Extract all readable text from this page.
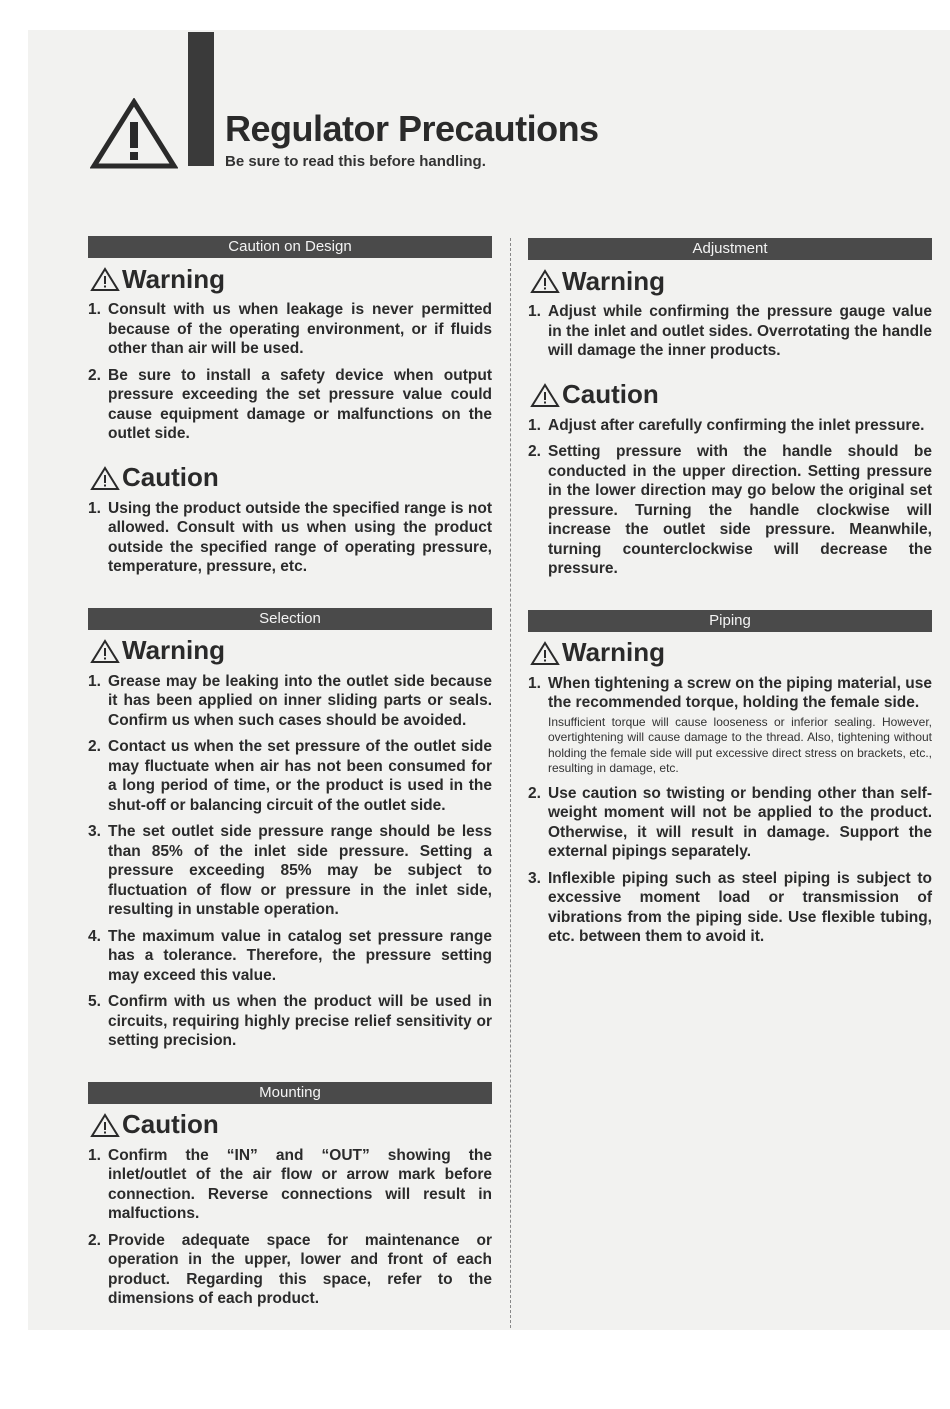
Regulator Precautions
Be sure to read this before handling.
Caution on Design
Warning
1. Consult with us when leakage is never permitted because of the operating environment, or if fluids other than air will be used.
2. Be sure to install a safety device when output pressure exceeding the set pressure value could cause equipment damage or malfunctions on the outlet side.
Caution
1. Using the product outside the specified range is not allowed. Consult with us when using the product outside the specified range of operating pressure, temperature, pressure, etc.
Selection
Warning
1. Grease may be leaking into the outlet side because it has been applied on inner sliding parts or seals. Confirm us when such cases should be avoided.
2. Contact us when the set pressure of the outlet side may fluctuate when air has not been consumed for a long period of time, or the product is used in the shut-off or balancing circuit of the outlet side.
3. The set outlet side pressure range should be less than 85% of the inlet side pressure. Setting a pressure exceeding 85% may be subject to fluctuation of flow or pressure in the inlet side, resulting in unstable operation.
4. The maximum value in catalog set pressure range has a tolerance. Therefore, the pressure setting may exceed this value.
5. Confirm with us when the product will be used in circuits, requiring highly precise relief sensitivity or setting precision.
Mounting
Caution
1. Confirm the “IN” and “OUT” showing the inlet/outlet of the air flow or arrow mark before connection. Reverse connections will result in malfuctions.
2. Provide adequate space for maintenance or operation in the upper, lower and front of each product. Regarding this space, refer to the dimensions of each product.
Adjustment
Warning
1. Adjust while confirming the pressure gauge value in the inlet and outlet sides. Overrotating the handle will damage the inner products.
Caution
1. Adjust after carefully confirming the inlet pressure.
2. Setting pressure with the handle should be conducted in the upper direction. Setting pressure in the lower direction may go below the original set pressure. Turning the handle clockwise will increase the outlet side pressure. Meanwhile, turning counterclockwise will decrease the pressure.
Piping
Warning
1. When tightening a screw on the piping material, use the recommended torque, holding the female side.
Insufficient torque will cause looseness or inferior sealing. However, overtightening will cause damage to the thread. Also, tightening without holding the female side will put excessive direct stress on brackets, etc., resulting in damage, etc.
2. Use caution so twisting or bending other than self-weight moment will not be applied to the product. Otherwise, it will result in damage. Support the external pipings separately.
3. Inflexible piping such as steel piping is subject to excessive moment load or transmission of vibrations from the piping side. Use flexible tubing, etc. between them to avoid it.
